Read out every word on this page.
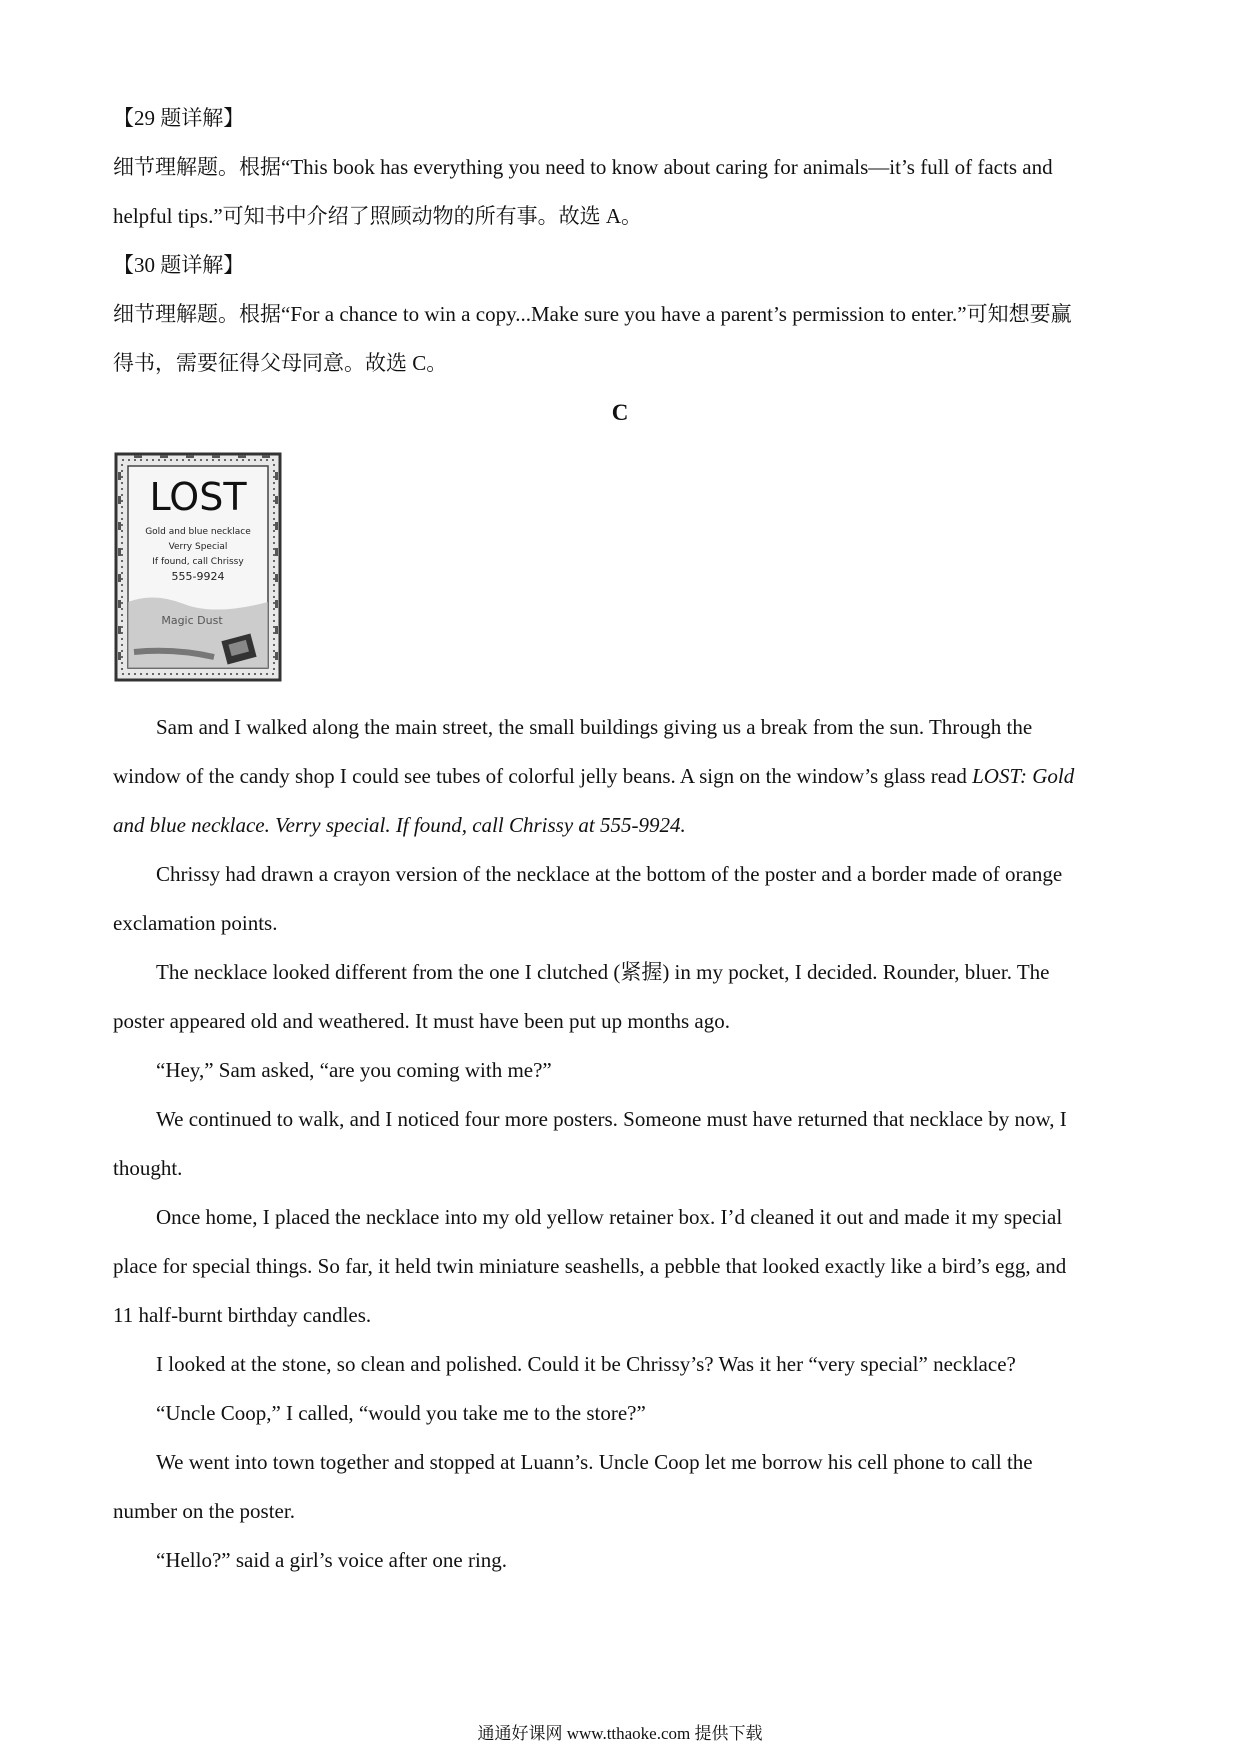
【29 题详解】
细节理解题。根据“This book has everything you need to know about caring for animals—it’s full of facts and
helpful tips.”可知书中介绍了照顾动物的所有事。故选 A。
【30 题详解】
细节理解题。根据“For a chance to win a copy...Make sure you have a parent’s permission to enter.”可知想要赢
得书，需要征得父母同意。故选 C。
C
LOST
Gold and blue necklace
Verry Special
If found, call Chrissy
555-9924
Magic Dust
Sam and I walked along the main street, the small buildings giving us a break from the sun. Through the
window of the candy shop I could see tubes of colorful jelly beans. A sign on the window’s glass read LOST: Gold
and blue necklace. Verry special. If found, call Chrissy at 555-9924.
Chrissy had drawn a crayon version of the necklace at the bottom of the poster and a border made of orange
exclamation points.
The necklace looked different from the one I clutched (紧握) in my pocket, I decided. Rounder, bluer. The
poster appeared old and weathered. It must have been put up months ago.
“Hey,” Sam asked, “are you coming with me?”
We continued to walk, and I noticed four more posters. Someone must have returned that necklace by now, I
thought.
Once home, I placed the necklace into my old yellow retainer box. I’d cleaned it out and made it my special
place for special things. So far, it held twin miniature seashells, a pebble that looked exactly like a bird’s egg, and
11 half-burnt birthday candles.
I looked at the stone, so clean and polished. Could it be Chrissy’s? Was it her “very special” necklace?
“Uncle Coop,” I called, “would you take me to the store?”
We went into town together and stopped at Luann’s. Uncle Coop let me borrow his cell phone to call the
number on the poster.
“Hello?” said a girl’s voice after one ring.
通通好课网 www.tthaoke.com 提供下载
